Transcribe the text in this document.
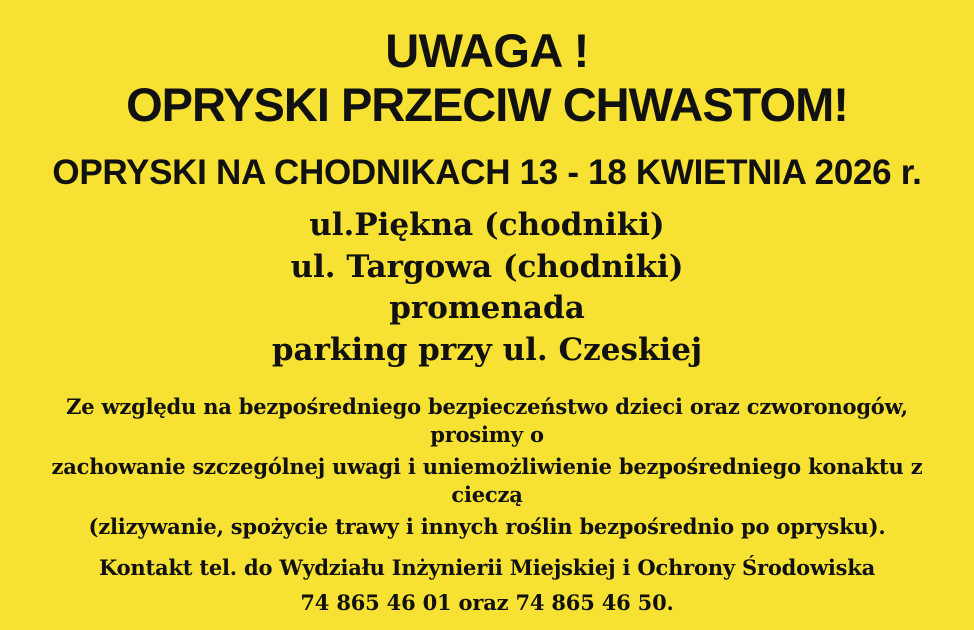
UWAGA !
OPRYSKI PRZECIW CHWASTOM!
OPRYSKI NA CHODNIKACH 13 - 18 KWIETNIA 2026 r.
ul.Piękna (chodniki)
ul. Targowa (chodniki)
promenada
parking przy ul. Czeskiej
Ze względu na bezpośredniego bezpieczeństwo dzieci oraz czworonogów, prosimy o
zachowanie szczególnej uwagi i uniemożliwienie bezpośredniego konaktu z cieczą
(zlizywanie, spożycie trawy i innych roślin bezpośrednio po oprysku).
Kontakt tel. do Wydziału Inżynierii Miejskiej i Ochrony Środowiska
74 865 46 01 oraz 74 865 46 50.
